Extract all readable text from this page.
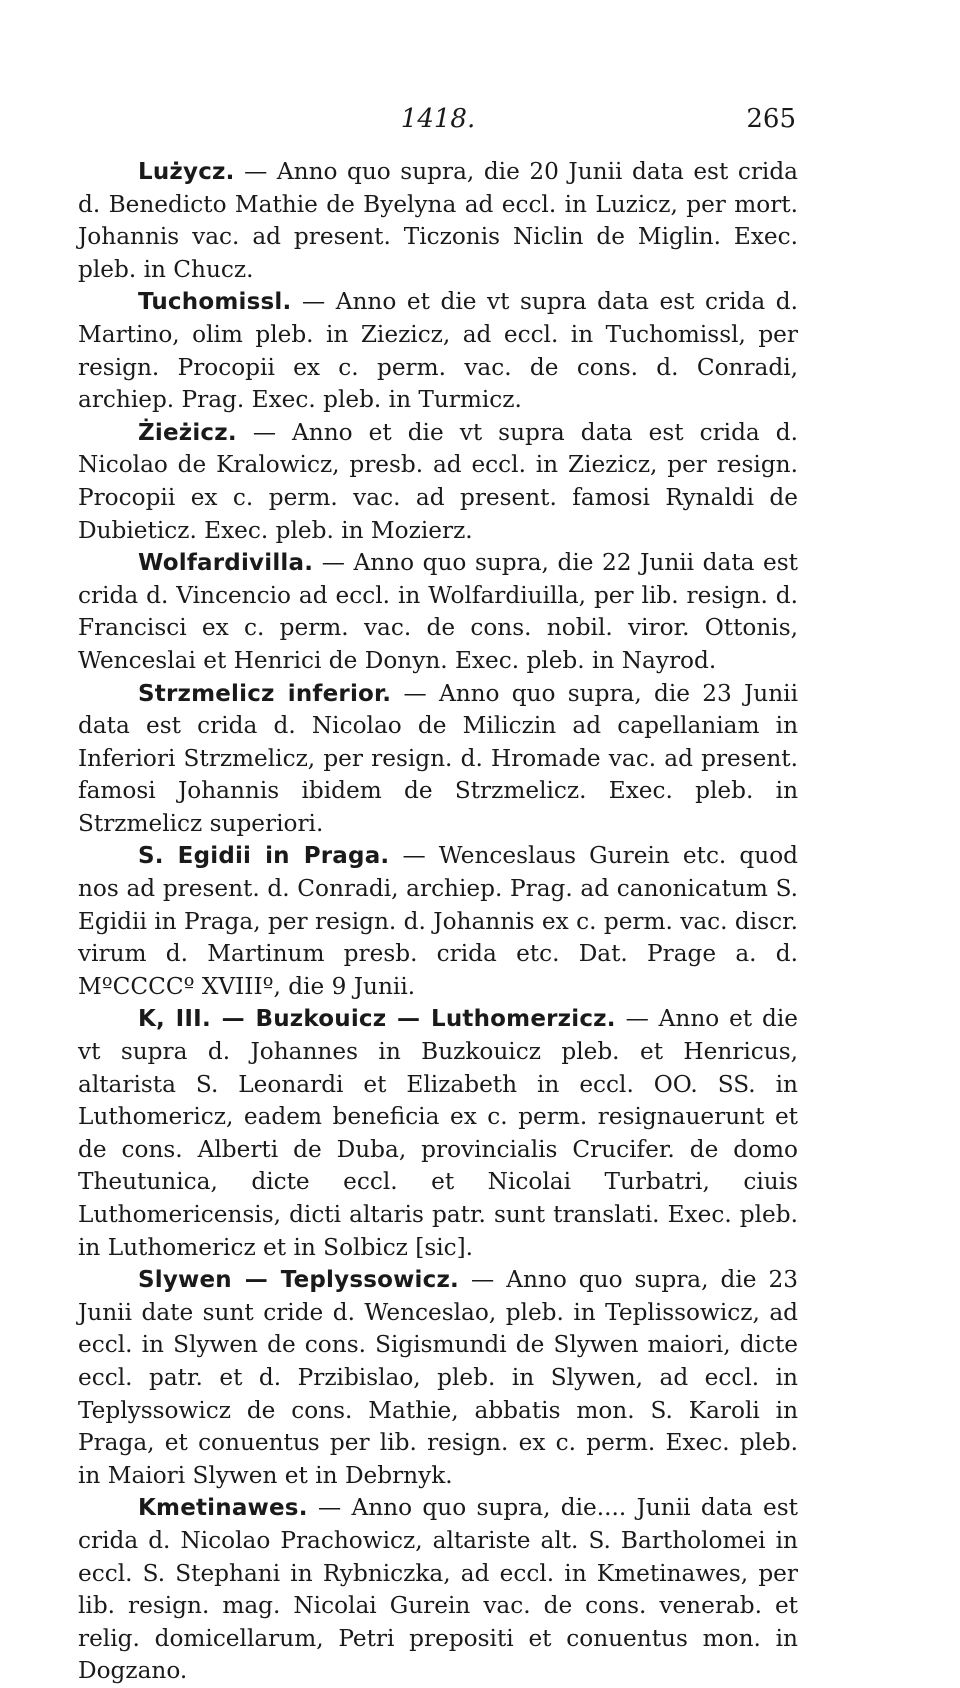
1418.	265

Lużycz. — Anno quo supra, die 20 Junii data est crida d. Benedicto Mathie de Byelyna ad eccl. in Luzicz, per mort. Johannis vac. ad present. Ticzonis Niclin de Miglin. Exec. pleb. in Chucz.

Tuchomissl. — Anno et die vt supra data est crida d. Martino, olim pleb. in Ziezicz, ad eccl. in Tuchomissl, per resign. Procopii ex c. perm. vac. de cons. d. Conradi, archiep. Prag. Exec. pleb. in Turmicz.

Żieżicz. — Anno et die vt supra data est crida d. Nicolao de Kralowicz, presb. ad eccl. in Ziezicz, per resign. Procopii ex c. perm. vac. ad present. famosi Rynaldi de Dubieticz. Exec. pleb. in Mozierz.

Wolfardivilla. — Anno quo supra, die 22 Junii data est crida d. Vincencio ad eccl. in Wolfardiuilla, per lib. resign. d. Francisci ex c. perm. vac. de cons. nobil. viror. Ottonis, Wenceslai et Henrici de Donyn. Exec. pleb. in Nayrod.

Strzmelicz inferior. — Anno quo supra, die 23 Junii data est crida d. Nicolao de Miliczin ad capellaniam in Inferiori Strzmelicz, per resign. d. Hromade vac. ad present. famosi Johannis ibidem de Strzmelicz. Exec. pleb. in Strzmelicz superiori.

S. Egidii in Praga. — Wenceslaus Gurein etc. quod nos ad present. d. Conradi, archiep. Prag. ad canonicatum S. Egidii in Praga, per resign. d. Johannis ex c. perm. vac. discr. virum d. Martinum presb. crida etc. Dat. Prage a. d. MºCCCCº XVIIIº, die 9 Junii.

K, III. — Buzkouicz — Luthomerzicz. — Anno et die vt supra d. Johannes in Buzkouicz pleb. et Henricus, altarista S. Leonardi et Elizabeth in eccl. OO. SS. in Luthomericz, eadem beneficia ex c. perm. resignauerunt et de cons. Alberti de Duba, provincialis Crucifer. de domo Theutunica, dicte eccl. et Nicolai Turbatri, ciuis Luthomericensis, dicti altaris patr. sunt translati. Exec. pleb. in Luthomericz et in Solbicz [sic].

Slywen — Teplyssowicz. — Anno quo supra, die 23 Junii date sunt cride d. Wenceslao, pleb. in Teplissowicz, ad eccl. in Slywen de cons. Sigismundi de Slywen maiori, dicte eccl. patr. et d. Przibislao, pleb. in Slywen, ad eccl. in Teplyssowicz de cons. Mathie, abbatis mon. S. Karoli in Praga, et conuentus per lib. resign. ex c. perm. Exec. pleb. in Maiori Slywen et in Debrnyk.

Kmetinawes. — Anno quo supra, die.... Junii data est crida d. Nicolao Prachowicz, altariste alt. S. Bartholomei in eccl. S. Stephani in Rybniczka, ad eccl. in Kmetinawes, per lib. resign. mag. Nicolai Gurein vac. de cons. venerab. et relig. domicellarum, Petri prepositi et conuentus mon. in Dogzano.
